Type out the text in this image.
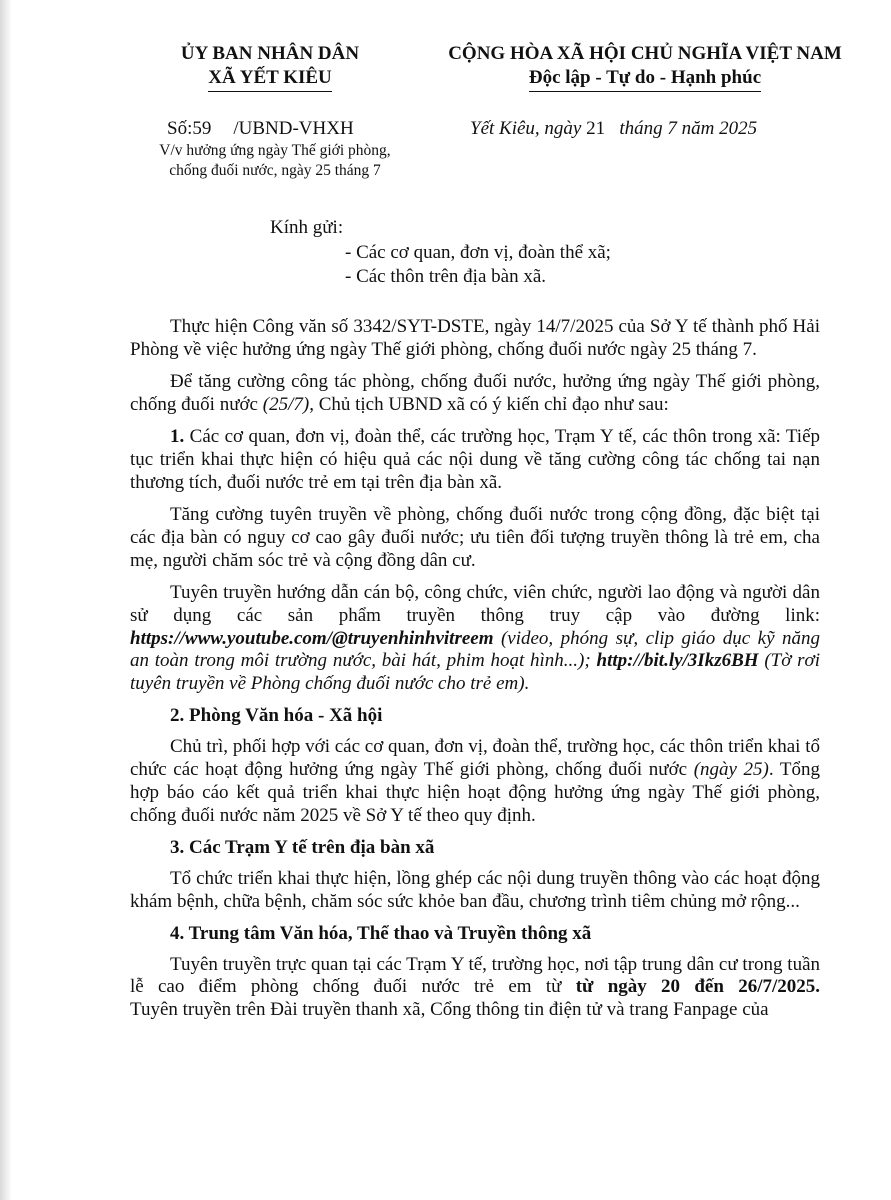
ỦY BAN NHÂN DÂN
XÃ YẾT KIÊU
CỘNG HÒA XÃ HỘI CHỦ NGHĨA VIỆT NAM
Độc lập - Tự do - Hạnh phúc
Số:59 /UBND-VHXH
V/v hưởng ứng ngày Thế giới phòng,
chống đuối nước, ngày 25 tháng 7
Yết Kiêu, ngày 21 tháng 7 năm 2025
Kính gửi:
- Các cơ quan, đơn vị, đoàn thể xã;
- Các thôn trên địa bàn xã.

Thực hiện Công văn số 3342/SYT-DSTE, ngày 14/7/2025 của Sở Y tế thành phố Hải Phòng về việc hưởng ứng ngày Thế giới phòng, chống đuối nước ngày 25 tháng 7.

Để tăng cường công tác phòng, chống đuối nước, hưởng ứng ngày Thế giới phòng, chống đuối nước (25/7), Chủ tịch UBND xã có ý kiến chỉ đạo như sau:

1. Các cơ quan, đơn vị, đoàn thể, các trường học, Trạm Y tế, các thôn trong xã: Tiếp tục triển khai thực hiện có hiệu quả các nội dung về tăng cường công tác chống tai nạn thương tích, đuối nước trẻ em tại trên địa bàn xã.

Tăng cường tuyên truyền về phòng, chống đuối nước trong cộng đồng, đặc biệt tại các địa bàn có nguy cơ cao gây đuối nước; ưu tiên đối tượng truyền thông là trẻ em, cha mẹ, người chăm sóc trẻ và cộng đồng dân cư.

Tuyên truyền hướng dẫn cán bộ, công chức, viên chức, người lao động và người dân sử dụng các sản phẩm truyền thông truy cập vào đường link: https://www.youtube.com/@truyenhinhvitreem (video, phóng sự, clip giáo dục kỹ năng an toàn trong môi trường nước, bài hát, phim hoạt hình...); http://bit.ly/3Ikz6BH (Tờ rơi tuyên truyền về Phòng chống đuối nước cho trẻ em).

2. Phòng Văn hóa - Xã hội

Chủ trì, phối hợp với các cơ quan, đơn vị, đoàn thể, trường học, các thôn triển khai tổ chức các hoạt động hưởng ứng ngày Thế giới phòng, chống đuối nước (ngày 25). Tổng hợp báo cáo kết quả triển khai thực hiện hoạt động hưởng ứng ngày Thế giới phòng, chống đuối nước năm 2025 về Sở Y tế theo quy định.

3. Các Trạm Y tế trên địa bàn xã

Tổ chức triển khai thực hiện, lồng ghép các nội dung truyền thông vào các hoạt động khám bệnh, chữa bệnh, chăm sóc sức khỏe ban đầu, chương trình tiêm chủng mở rộng...

4. Trung tâm Văn hóa, Thể thao và Truyền thông xã

Tuyên truyền trực quan tại các Trạm Y tế, trường học, nơi tập trung dân cư trong tuần lễ cao điểm phòng chống đuối nước trẻ em từ từ ngày 20 đến 26/7/2025.

Tuyên truyền trên Đài truyền thanh xã, Cổng thông tin điện tử và trang Fanpage của
